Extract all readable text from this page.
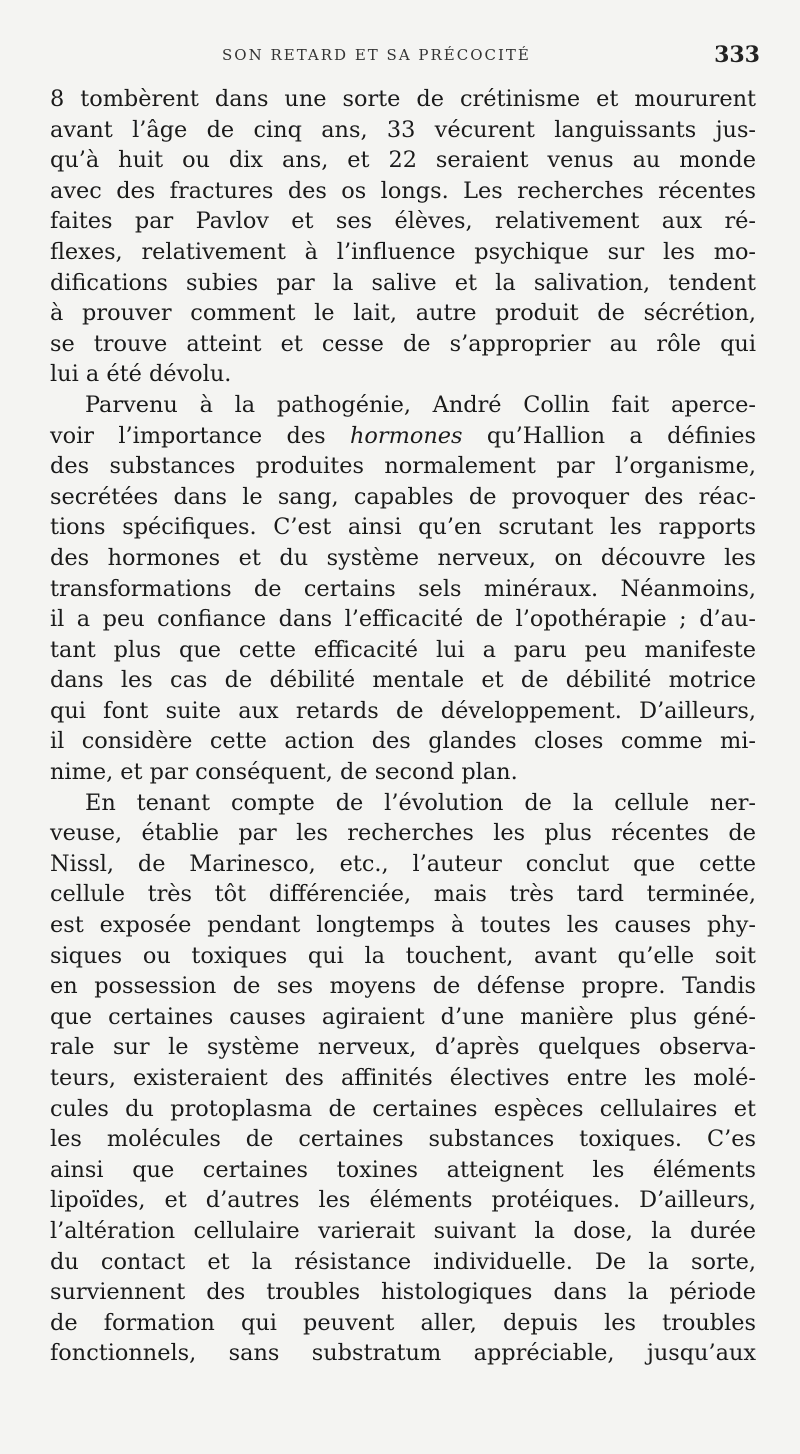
SON RETARD ET SA PRÉCOCITÉ	333
8 tombèrent dans une sorte de crétinisme et moururent
avant l’âge de cinq ans, 33 vécurent languissants jus-
qu’à huit ou dix ans, et 22 seraient venus au monde
avec des fractures des os longs. Les recherches récentes
faites par Pavlov et ses élèves, relativement aux ré-
flexes, relativement à l’influence psychique sur les mo-
difications subies par la salive et la salivation, tendent
à prouver comment le lait, autre produit de sécrétion,
se trouve atteint et cesse de s’approprier au rôle qui
lui a été dévolu.
Parvenu à la pathogénie, André Collin fait aperce-
voir l’importance des hormones qu’Hallion a définies
des substances produites normalement par l’organisme,
secrétées dans le sang, capables de provoquer des réac-
tions spécifiques. C’est ainsi qu’en scrutant les rapports
des hormones et du système nerveux, on découvre les
transformations de certains sels minéraux. Néanmoins,
il a peu confiance dans l’efficacité de l’opothérapie ; d’au-
tant plus que cette efficacité lui a paru peu manifeste
dans les cas de débilité mentale et de débilité motrice
qui font suite aux retards de développement. D’ailleurs,
il considère cette action des glandes closes comme mi-
nime, et par conséquent, de second plan.
En tenant compte de l’évolution de la cellule ner-
veuse, établie par les recherches les plus récentes de
Nissl, de Marinesco, etc., l’auteur conclut que cette
cellule très tôt différenciée, mais très tard terminée,
est exposée pendant longtemps à toutes les causes phy-
siques ou toxiques qui la touchent, avant qu’elle soit
en possession de ses moyens de défense propre. Tandis
que certaines causes agiraient d’une manière plus géné-
rale sur le système nerveux, d’après quelques observa-
teurs, existeraient des affinités électives entre les molé-
cules du protoplasma de certaines espèces cellulaires et
les molécules de certaines substances toxiques. C’es
ainsi que certaines toxines atteignent les éléments
lipoïdes, et d’autres les éléments protéiques. D’ailleurs,
l’altération cellulaire varierait suivant la dose, la durée
du contact et la résistance individuelle. De la sorte,
surviennent des troubles histologiques dans la période
de formation qui peuvent aller, depuis les troubles
fonctionnels, sans substratum appréciable, jusqu’aux
